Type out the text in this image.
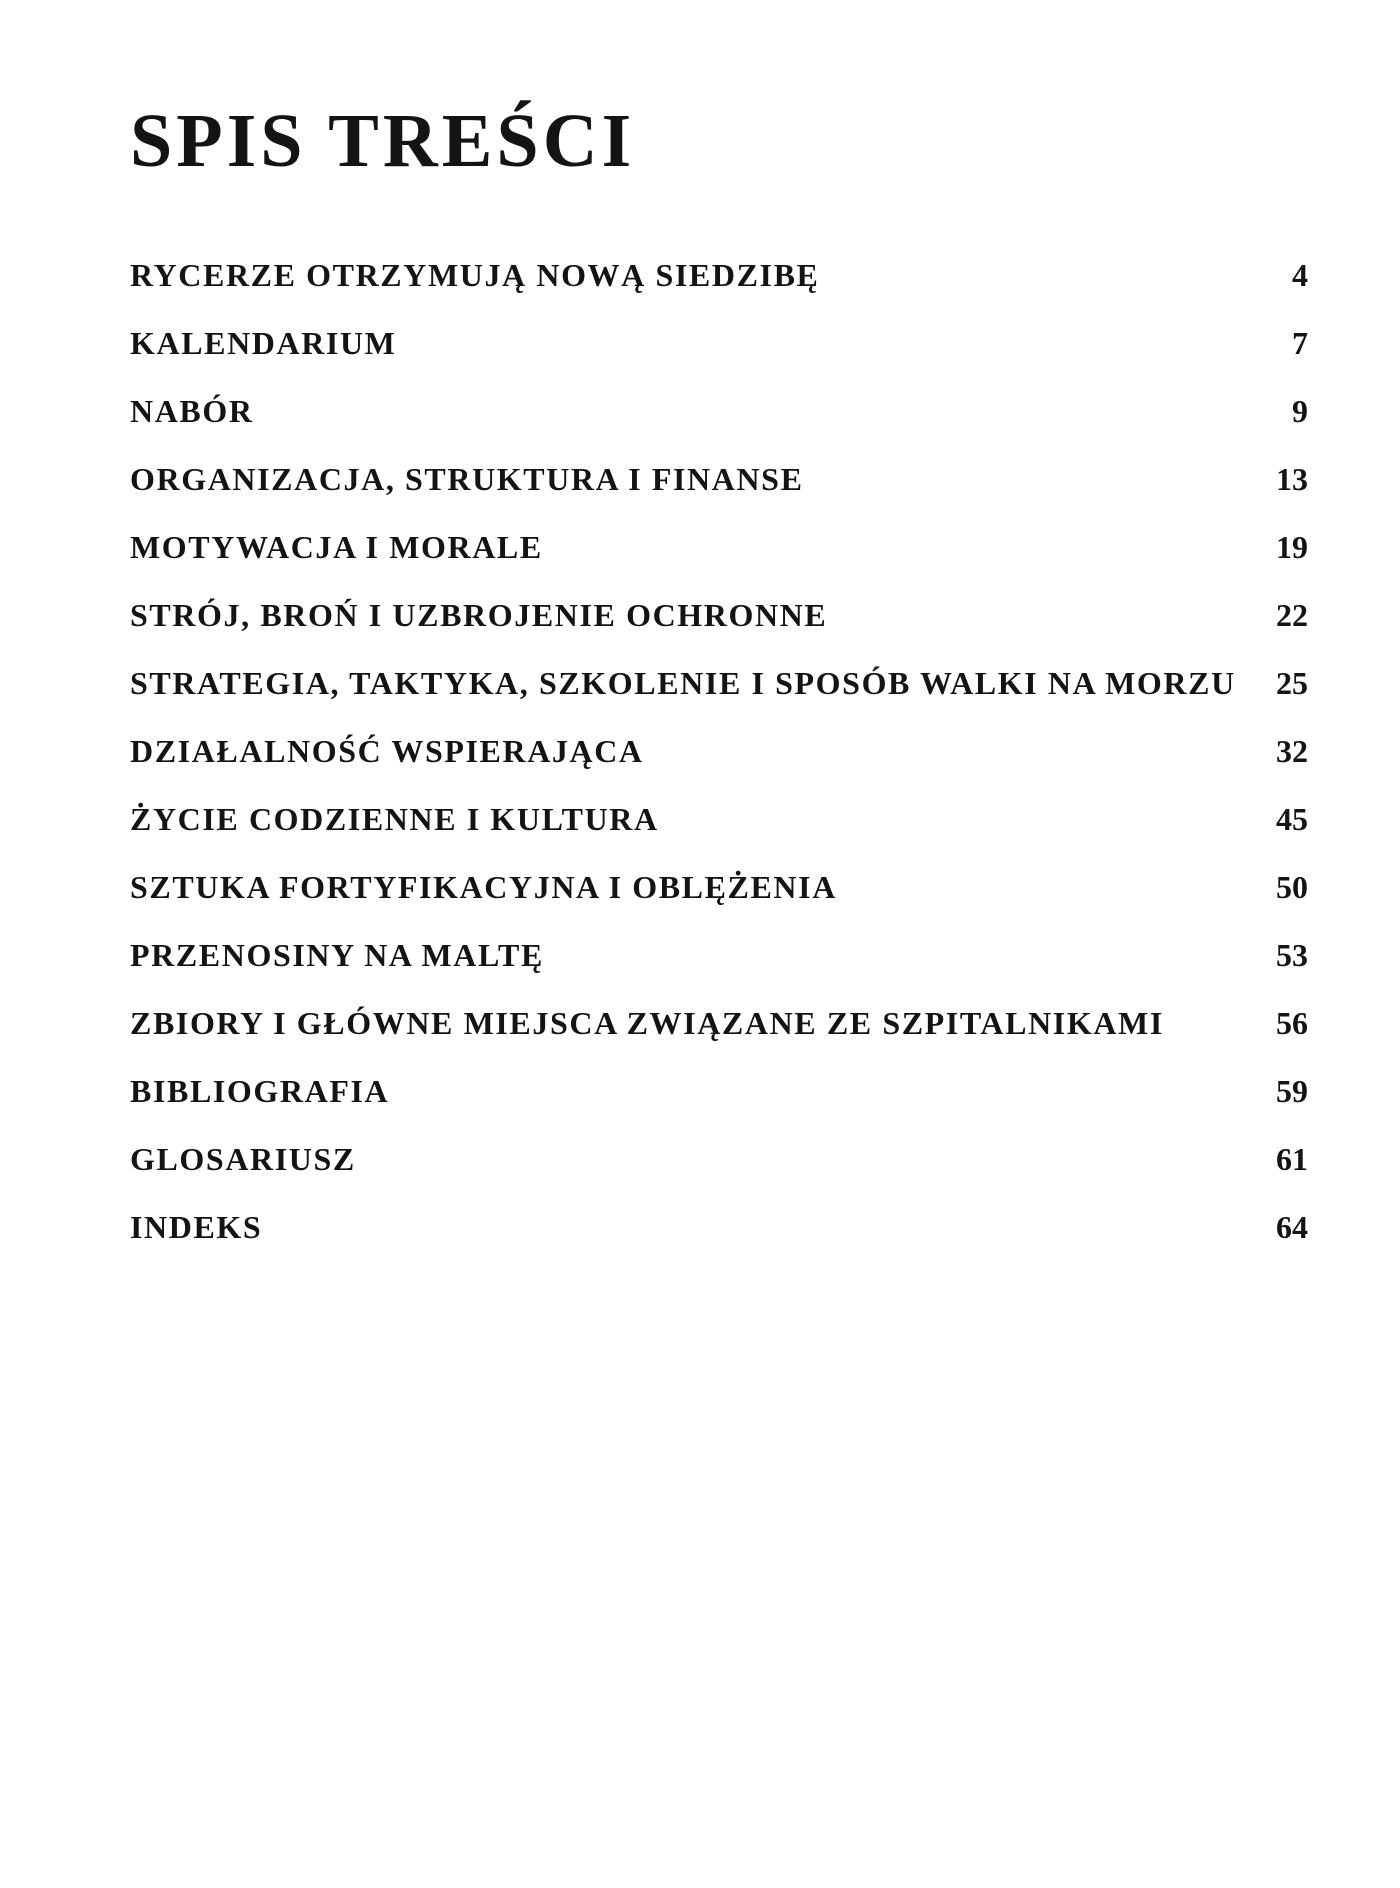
SPIS TREŚCI
RYCERZE OTRZYMUJĄ NOWĄ SIEDZIBĘ	4
KALENDARIUM	7
NABÓR	9
ORGANIZACJA, STRUKTURA I FINANSE	13
MOTYWACJA I MORALE	19
STRÓJ, BROŃ I UZBROJENIE OCHRONNE	22
STRATEGIA, TAKTYKA, SZKOLENIE I SPOSÓB WALKI NA MORZU	25
DZIAŁALNOŚĆ WSPIERAJĄCA	32
ŻYCIE CODZIENNE I KULTURA	45
SZTUKA FORTYFIKACYJNA I OBLĘŻENIA	50
PRZENOSINY NA MALTĘ	53
ZBIORY I GŁÓWNE MIEJSCA ZWIĄZANE ZE SZPITALNIKAMI	56
BIBLIOGRAFIA	59
GLOSARIUSZ	61
INDEKS	64
